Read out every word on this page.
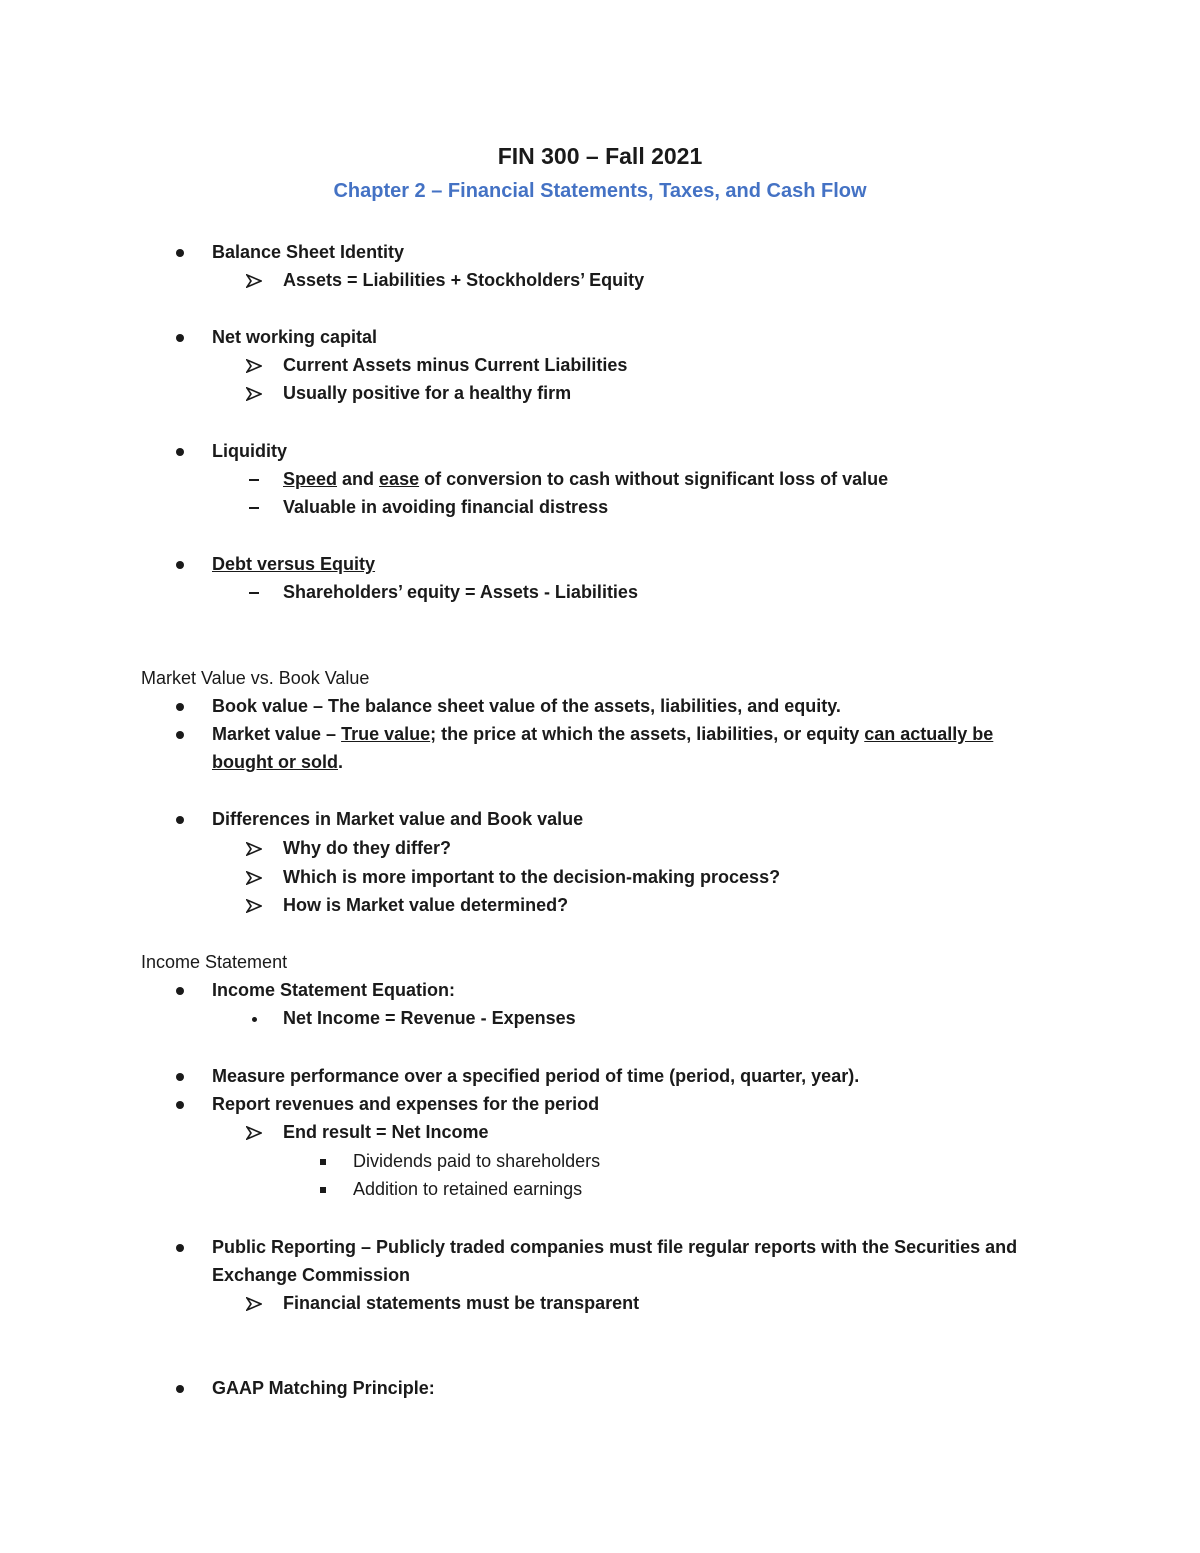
FIN 300 – Fall 2021
Chapter 2 – Financial Statements, Taxes, and Cash Flow
Balance Sheet Identity
Assets = Liabilities + Stockholders’ Equity
Net working capital
Current Assets minus Current Liabilities
Usually positive for a healthy firm
Liquidity
Speed and ease of conversion to cash without significant loss of value
Valuable in avoiding financial distress
Debt versus Equity
Shareholders’ equity = Assets - Liabilities
Market Value vs. Book Value
Book value – The balance sheet value of the assets, liabilities, and equity.
Market value – True value; the price at which the assets, liabilities, or equity can actually be
bought or sold.
Differences in Market value and Book value
Why do they differ?
Which is more important to the decision-making process?
How is Market value determined?
Income Statement
Income Statement Equation:
Net Income = Revenue - Expenses
Measure performance over a specified period of time (period, quarter, year).
Report revenues and expenses for the period
End result = Net Income
Dividends paid to shareholders
Addition to retained earnings
Public Reporting – Publicly traded companies must file regular reports with the Securities and
Exchange Commission
Financial statements must be transparent
GAAP Matching Principle:
